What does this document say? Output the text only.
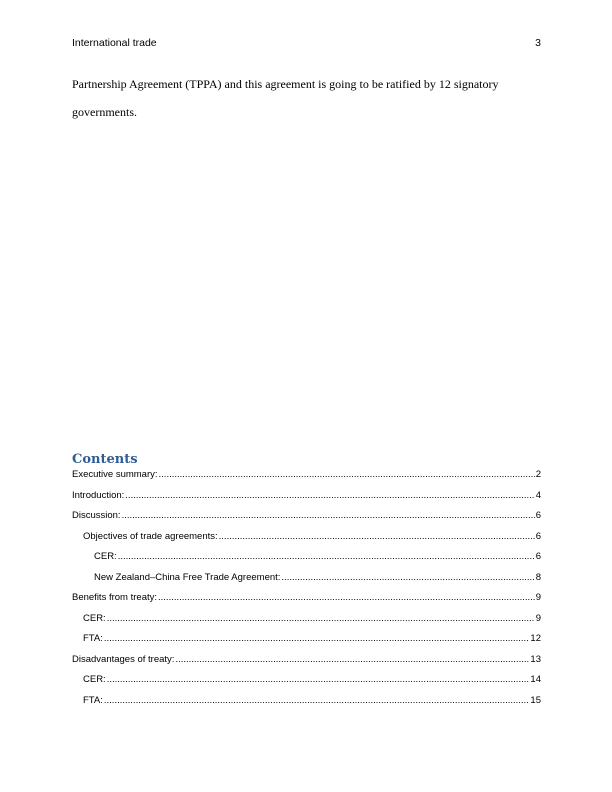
International trade	3

Partnership Agreement (TPPA) and this agreement is going to be ratified by 12 signatory

governments.

Contents
Executive summary: .....	2
Introduction: .....	4
Discussion: .....	6
Objectives of trade agreements: .....	6
CER: .....	6
New Zealand–China Free Trade Agreement: .....	8
Benefits from treaty: .....	9
CER: .....	9
FTA: .....	12
Disadvantages of treaty: .....	13
CER: .....	14
FTA: .....	15
